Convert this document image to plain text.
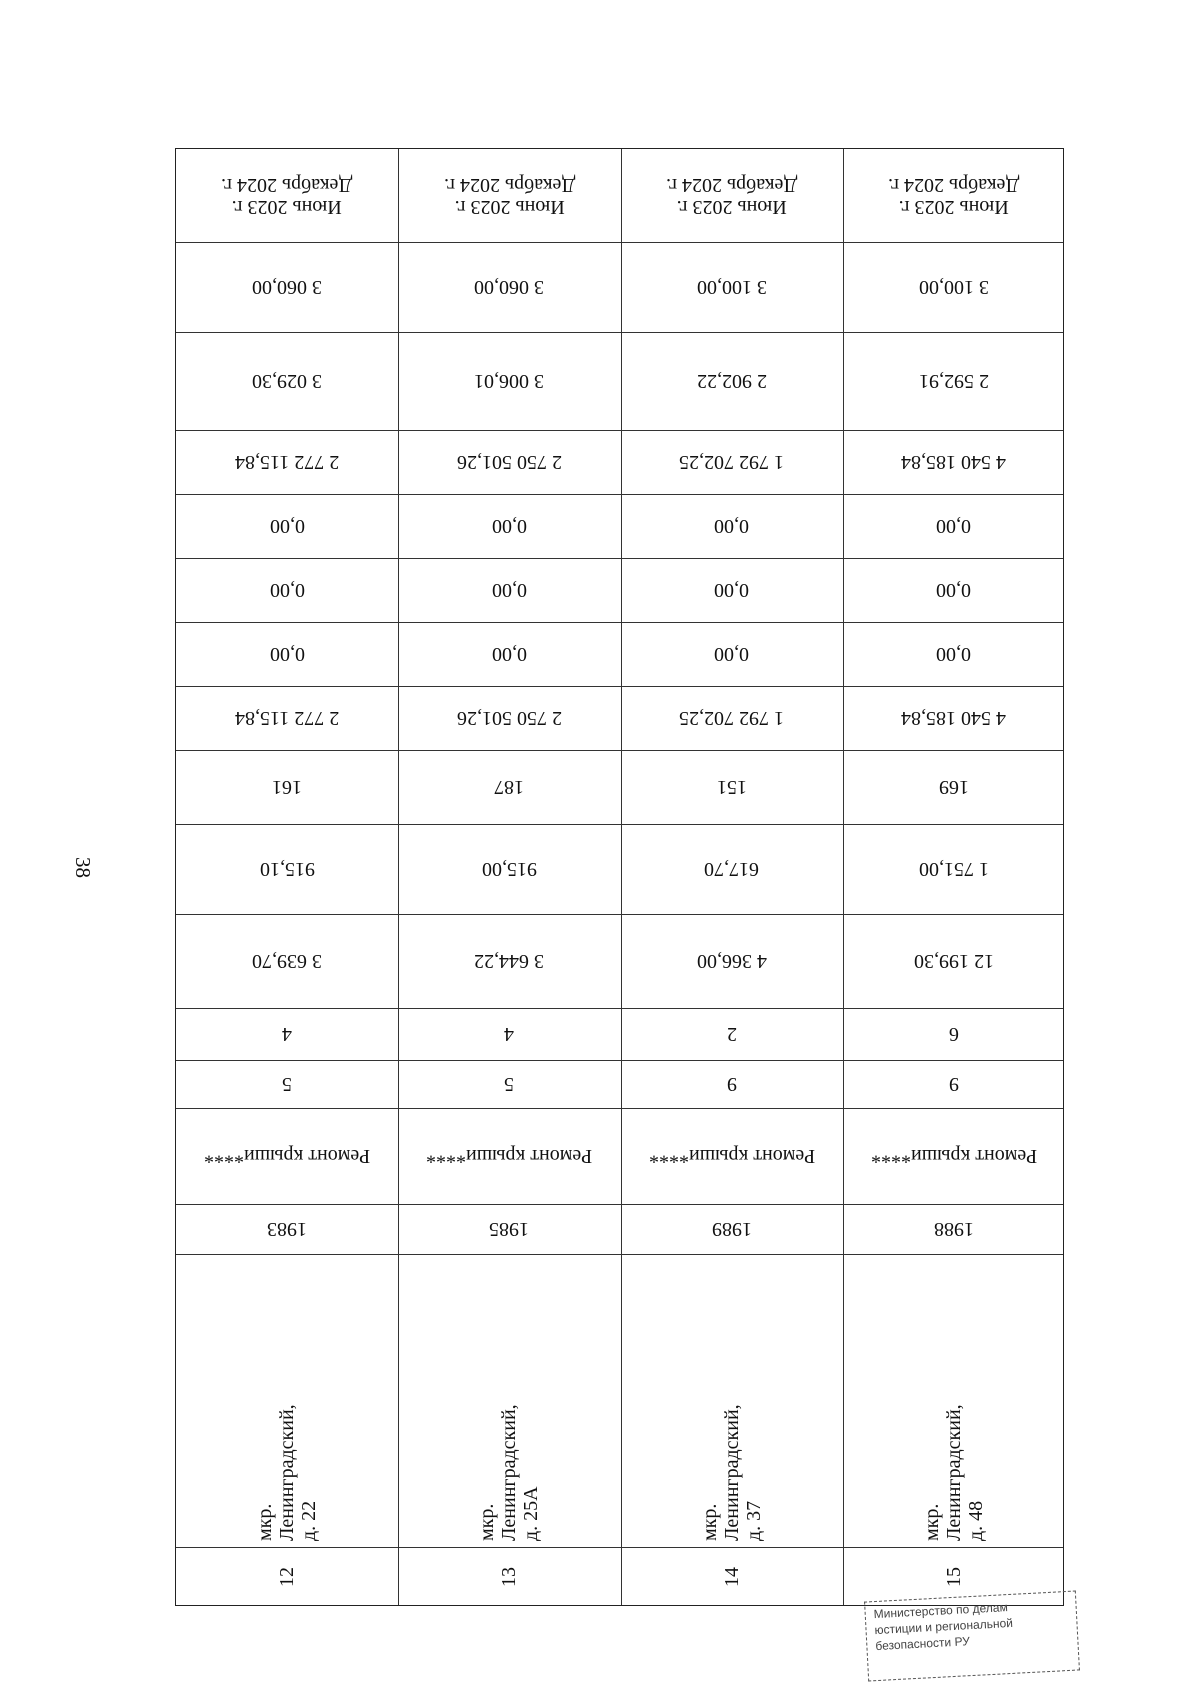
38
Июнь 2023 г.
Декабрь 2024 г.
3 060,00
3 029,30
2 772 115,84
0,00
0,00
0,00
2 772 115,84
161
915,10
3 639,70
4
5
Ремонт крыши****
1983
мкр. Ленинградский, д. 22
12
Июнь 2023 г.
Декабрь 2024 г.
3 060,00
3 006,01
2 750 501,26
0,00
0,00
0,00
2 750 501,26
187
915,00
3 644,22
4
5
Ремонт крыши****
1985
мкр. Ленинградский,
д. 25А
13
Июнь 2023 г.
Декабрь 2024 г.
3 100,00
2 902,22
1 792 702,25
0,00
0,00
0,00
1 792 702,25
151
617,70
4 366,00
2
9
Ремонт крыши****
1989
мкр. Ленинградский, д. 37
14
Июнь 2023 г.
Декабрь 2024 г.
3 100,00
2 592,91
4 540 185,84
0,00
0,00
0,00
4 540 185,84
169
1 751,00
12 199,30
6
9
Ремонт крыши****
1988
мкр. Ленинградский, д. 48
15
Министерство по делам
юстиции и региональной
безопасности РУ
